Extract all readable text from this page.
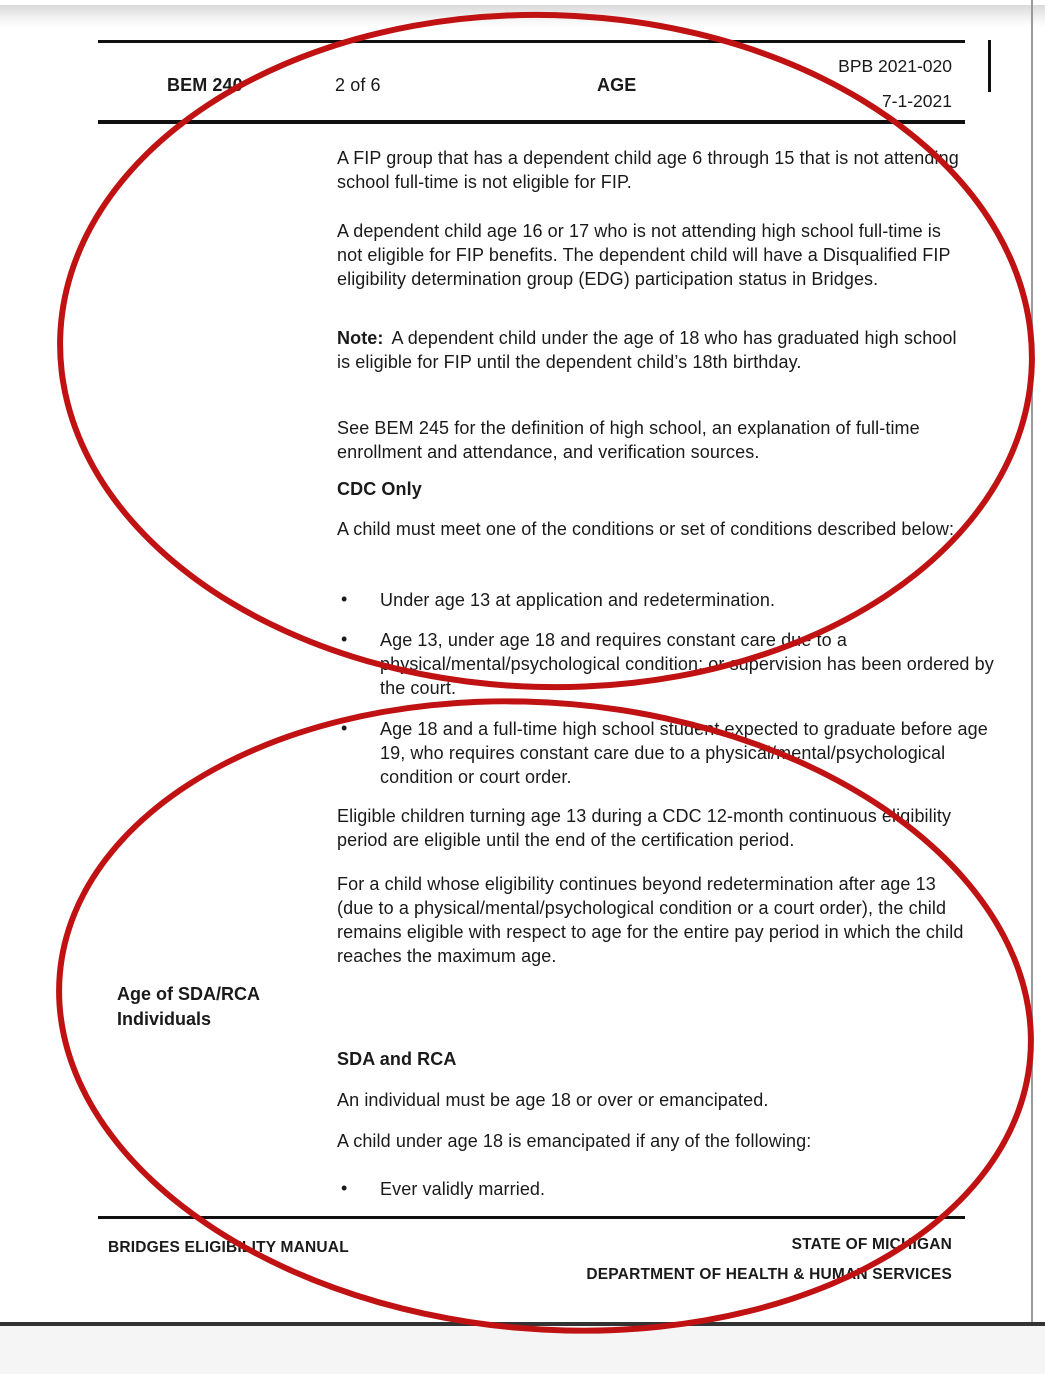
BEM 240	2 of 6	AGE
BPB 2021-020
7-1-2021
A FIP group that has a dependent child age 6 through 15 that is not attending school full-time is not eligible for FIP.
A dependent child age 16 or 17 who is not attending high school full-time is not eligible for FIP benefits. The dependent child will have a Disqualified FIP eligibility determination group (EDG) participation status in Bridges.
Note: A dependent child under the age of 18 who has graduated high school is eligible for FIP until the dependent child’s 18th birthday.
See BEM 245 for the definition of high school, an explanation of full-time enrollment and attendance, and verification sources.
CDC Only
A child must meet one of the conditions or set of conditions described below:
• Under age 13 at application and redetermination.
• Age 13, under age 18 and requires constant care due to a physical/mental/psychological condition; or supervision has been ordered by the court.
• Age 18 and a full-time high school student expected to graduate before age 19, who requires constant care due to a physical/mental/psychological condition or court order.
Eligible children turning age 13 during a CDC 12-month continuous eligibility period are eligible until the end of the certification period.
For a child whose eligibility continues beyond redetermination after age 13 (due to a physical/mental/psychological condition or a court order), the child remains eligible with respect to age for the entire pay period in which the child reaches the maximum age.
Age of SDA/RCA Individuals
SDA and RCA
An individual must be age 18 or over or emancipated.
A child under age 18 is emancipated if any of the following:
• Ever validly married.
BRIDGES ELIGIBILITY MANUAL	STATE OF MICHIGAN
DEPARTMENT OF HEALTH & HUMAN SERVICES
